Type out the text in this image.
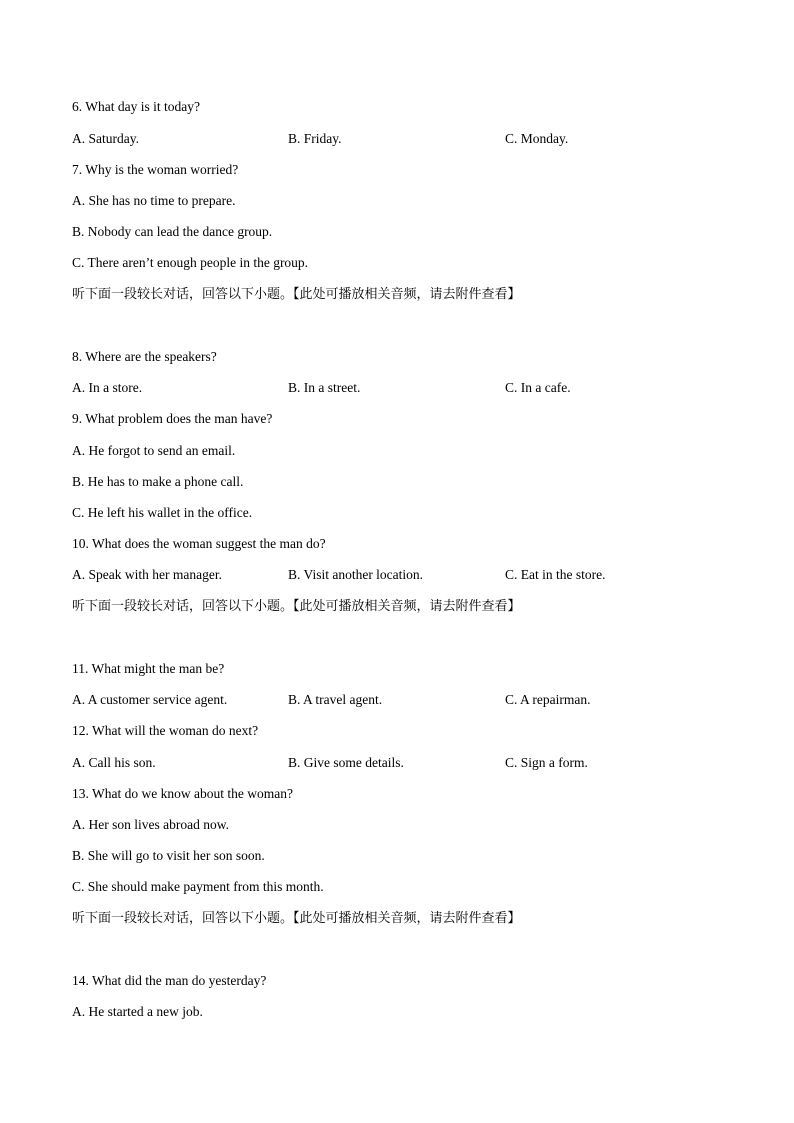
6. What day is it today?
A. Saturday.	B. Friday.	C. Monday.
7. Why is the woman worried?
A. She has no time to prepare.
B. Nobody can lead the dance group.
C. There aren’t enough people in the group.
听下面一段较长对话，回答以下小题。【此处可播放相关音频，请去附件查看】
8. Where are the speakers?
A. In a store.	B. In a street.	C. In a cafe.
9. What problem does the man have?
A. He forgot to send an email.
B. He has to make a phone call.
C. He left his wallet in the office.
10. What does the woman suggest the man do?
A. Speak with her manager.	B. Visit another location.	C. Eat in the store.
听下面一段较长对话，回答以下小题。【此处可播放相关音频，请去附件查看】
11. What might the man be?
A. A customer service agent.	B. A travel agent.	C. A repairman.
12. What will the woman do next?
A. Call his son.	B. Give some details.	C. Sign a form.
13. What do we know about the woman?
A. Her son lives abroad now.
B. She will go to visit her son soon.
C. She should make payment from this month.
听下面一段较长对话，回答以下小题。【此处可播放相关音频，请去附件查看】
14. What did the man do yesterday?
A. He started a new job.
